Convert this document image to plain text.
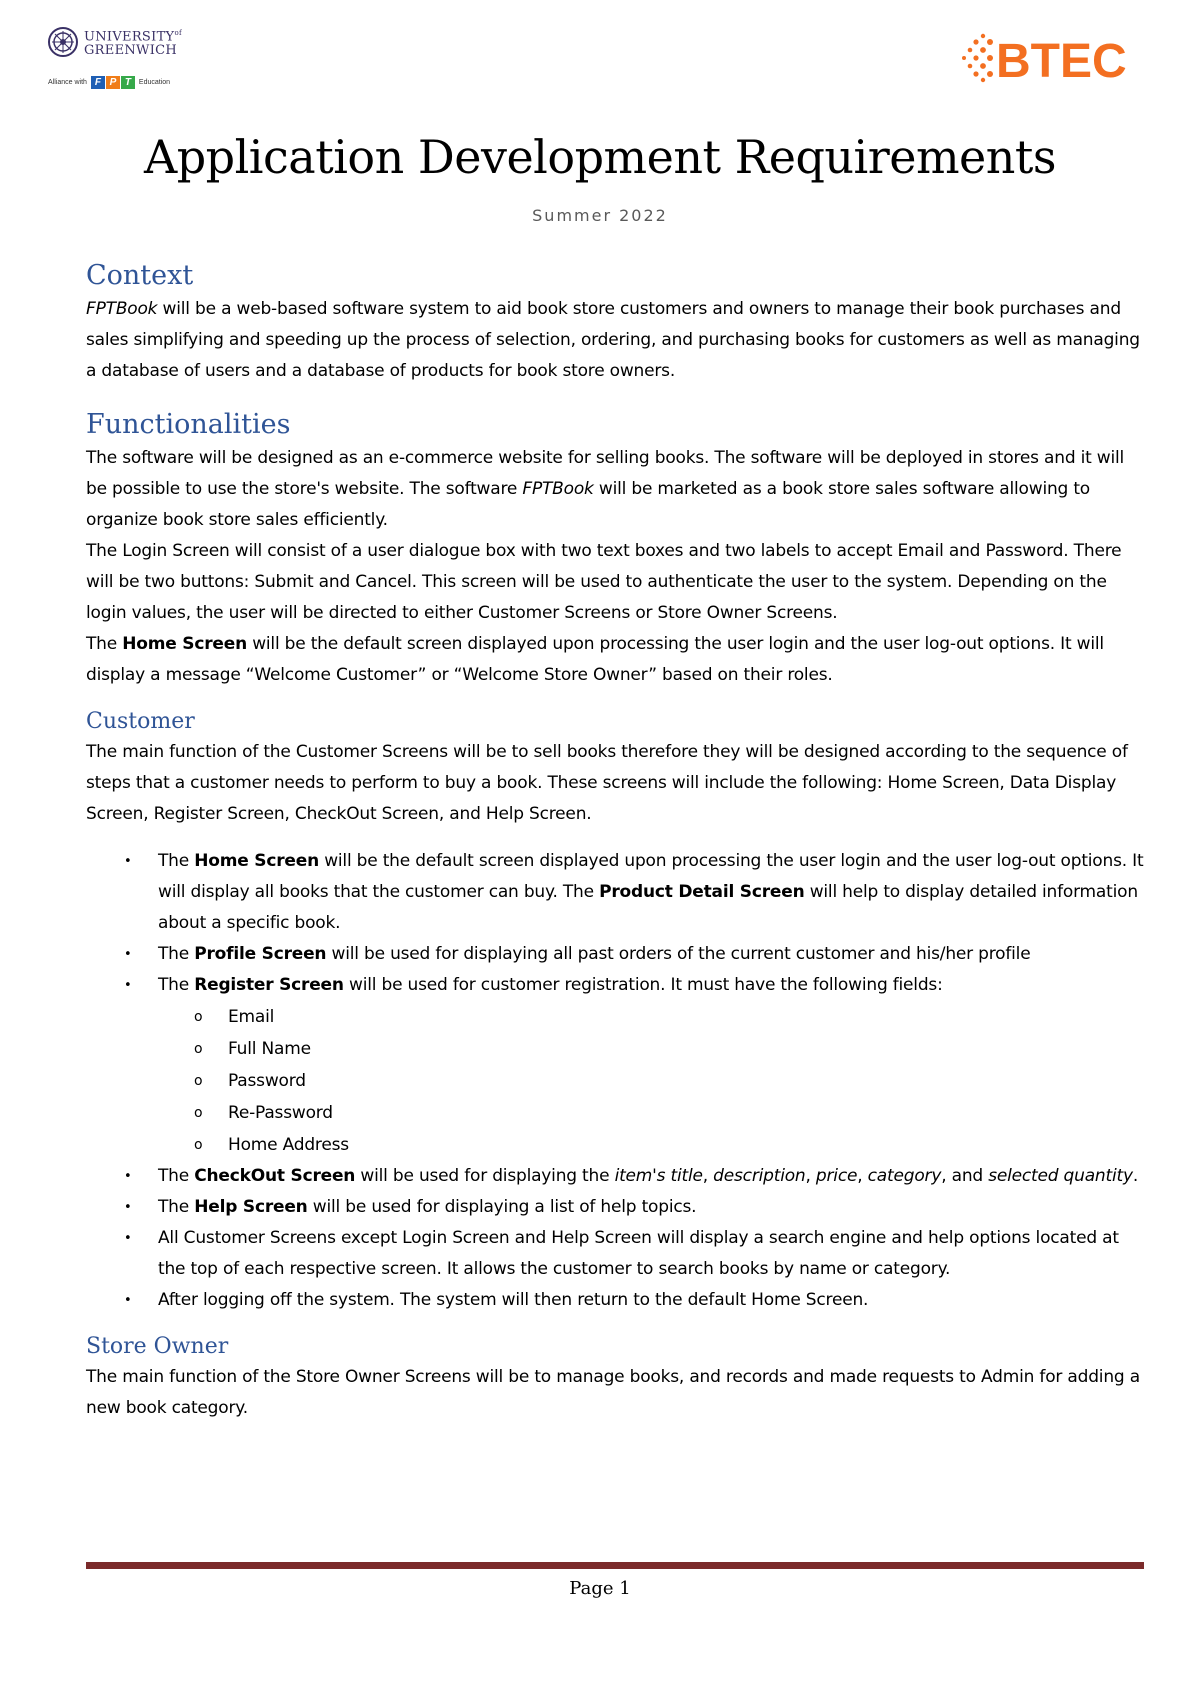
$UNIVERSITY^{of}$
GREENWICH
Alliance with F P T	Education	BTEC
Application Development Requirements
Summer 2022
Context

FPTBook will be a web-based software system to aid book store customers and owners to manage their book purchases and sales simplifying and speeding up the process of selection, ordering, and purchasing books for customers as well as managing a database of users and a database of products for book store owners.

Functionalities

The software will be designed as an e-commerce website for selling books. The software will be deployed in stores and it will be possible to use the store's website. The software FPTBook will be marketed as a book store sales software allowing to organize book store sales efficiently.

The Login Screen will consist of a user dialogue box with two text boxes and two labels to accept Email and Password. There will be two buttons: Submit and Cancel. This screen will be used to authenticate the user to the system. Depending on the login values, the user will be directed to either Customer Screens or Store Owner Screens.

The Home Screen will be the default screen displayed upon processing the user login and the user log-out options. It will display a message “Welcome Customer” or “Welcome Store Owner” based on their roles.

Customer

The main function of the Customer Screens will be to sell books therefore they will be designed according to the sequence of steps that a customer needs to perform to buy a book. These screens will include the following: Home Screen, Data Display Screen, Register Screen, CheckOut Screen, and Help Screen.

• The Home Screen will be the default screen displayed upon processing the user login and the user log-out options. It will display all books that the customer can buy. The Product Detail Screen will help to display detailed information about a specific book.
• The Profile Screen will be used for displaying all past orders of the current customer and his/her profile
• The Register Screen will be used for customer registration. It must have the following fields:
o Email
o Full Name
o Password
o Re-Password
o Home Address
• The CheckOut Screen will be used for displaying the item's title, description, price, category, and selected quantity.
• The Help Screen will be used for displaying a list of help topics.
• All Customer Screens except Login Screen and Help Screen will display a search engine and help options located at the top of each respective screen. It allows the customer to search books by name or category.
• After logging off the system. The system will then return to the default Home Screen.
Store Owner

The main function of the Store Owner Screens will be to manage books, and records and made requests to Admin for adding a new book category.

Page 1
